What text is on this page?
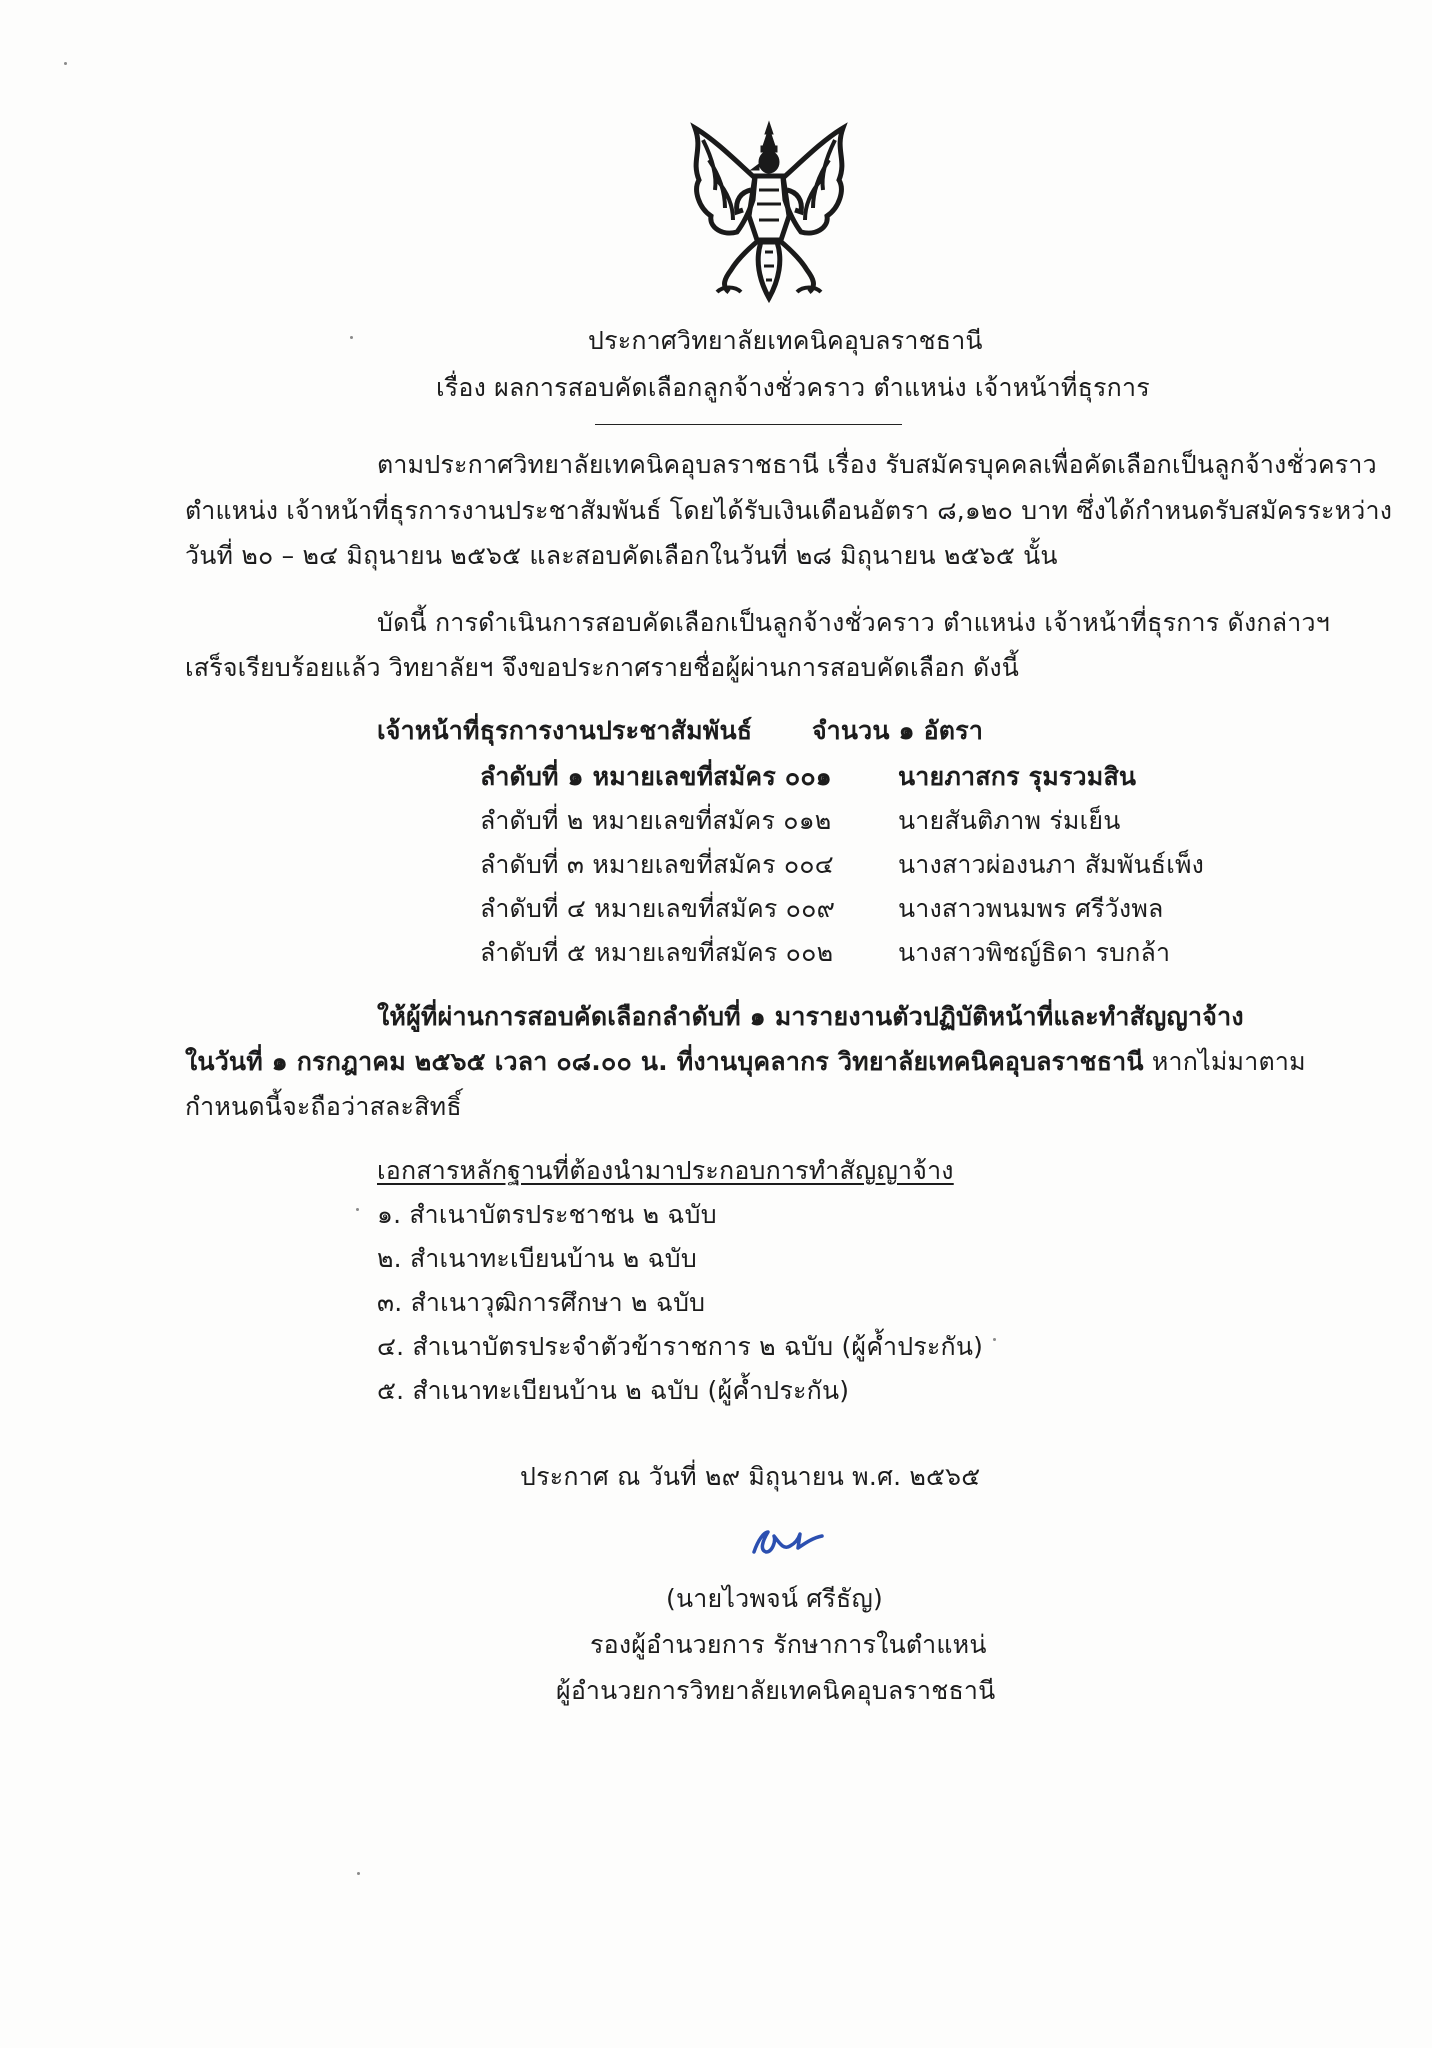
ประกาศวิทยาลัยเทคนิคอุบลราชธานี
เรื่อง ผลการสอบคัดเลือกลูกจ้างชั่วคราว ตำแหน่ง เจ้าหน้าที่ธุรการ
ตามประกาศวิทยาลัยเทคนิคอุบลราชธานี เรื่อง รับสมัครบุคคลเพื่อคัดเลือกเป็นลูกจ้างชั่วคราว
ตำแหน่ง เจ้าหน้าที่ธุรการงานประชาสัมพันธ์ โดยได้รับเงินเดือนอัตรา ๘,๑๒๐ บาท ซึ่งได้กำหนดรับสมัครระหว่าง
วันที่ ๒๐ – ๒๔ มิถุนายน ๒๕๖๕ และสอบคัดเลือกในวันที่ ๒๘ มิถุนายน ๒๕๖๕ นั้น
บัดนี้ การดำเนินการสอบคัดเลือกเป็นลูกจ้างชั่วคราว ตำแหน่ง เจ้าหน้าที่ธุรการ ดังกล่าวฯ
เสร็จเรียบร้อยแล้ว วิทยาลัยฯ จึงขอประกาศรายชื่อผู้ผ่านการสอบคัดเลือก ดังนี้
เจ้าหน้าที่ธุรการงานประชาสัมพันธ์ จำนวน ๑ อัตรา
ลำดับที่ ๑ หมายเลขที่สมัคร ๐๐๑	นายภาสกร รุมรวมสิน
ลำดับที่ ๒ หมายเลขที่สมัคร ๐๑๒	นายสันติภาพ ร่มเย็น
ลำดับที่ ๓ หมายเลขที่สมัคร ๐๐๔	นางสาวผ่องนภา สัมพันธ์เพ็ง
ลำดับที่ ๔ หมายเลขที่สมัคร ๐๐๙	นางสาวพนมพร ศรีวังพล
ลำดับที่ ๕ หมายเลขที่สมัคร ๐๐๒	นางสาวพิชญ์ธิดา รบกล้า
ให้ผู้ที่ผ่านการสอบคัดเลือกลำดับที่ ๑ มารายงานตัวปฏิบัติหน้าที่และทำสัญญาจ้าง
ในวันที่ ๑ กรกฎาคม ๒๕๖๕ เวลา ๐๘.๐๐ น. ที่งานบุคลากร วิทยาลัยเทคนิคอุบลราชธานี หากไม่มาตาม
กำหนดนี้จะถือว่าสละสิทธิ์
เอกสารหลักฐานที่ต้องนำมาประกอบการทำสัญญาจ้าง
๑. สำเนาบัตรประชาชน ๒ ฉบับ
๒. สำเนาทะเบียนบ้าน ๒ ฉบับ
๓. สำเนาวุฒิการศึกษา ๒ ฉบับ
๔. สำเนาบัตรประจำตัวข้าราชการ ๒ ฉบับ (ผู้ค้ำประกัน)
๕. สำเนาทะเบียนบ้าน ๒ ฉบับ (ผู้ค้ำประกัน)
ประกาศ ณ วันที่ ๒๙ มิถุนายน พ.ศ. ๒๕๖๕
(นายไวพจน์ ศรีธัญ)
รองผู้อำนวยการ รักษาการในตำแหน่
ผู้อำนวยการวิทยาลัยเทคนิคอุบลราชธานี
